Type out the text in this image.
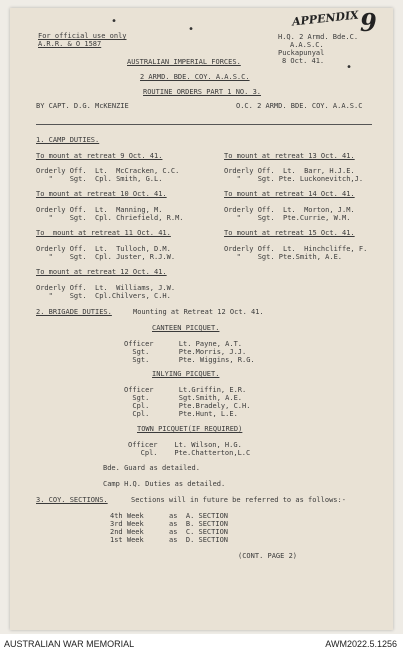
For official use only
A.R.R. & O 1587
APPENDIX 9
H.Q. 2 Armd. Bde.C.
A.A.S.C.
Puckapunyal
8 Oct. 41.
AUSTRALIAN IMPERIAL FORCES.
2 ARMD. BDE. COY. A.A.S.C.
ROUTINE ORDERS PART 1 NO. 3.
BY CAPT. D.G. McKENZIE	O.C. 2 ARMD. BDE. COY. A.A.S.C
1. CAMP DUTIES.
To mount at retreat 9 Oct. 41.
Orderly Off.  Lt.  McCracken, C.C.
"    Sgt.  Cpl. Smith, G.L.
To mount at retreat 10 Oct. 41.
Orderly Off.  Lt.  Manning, M.
"    Sgt.  Cpl. Chriefield, R.M.
To  mount at retreat 11 Oct. 41.
Orderly Off.  Lt.  Tulloch, D.M.
"    Sgt.  Cpl. Juster, R.J.W.
To mount at retreat 12 Oct. 41.
Orderly Off.  Lt.  Williams, J.W.
"    Sgt.  Cpl.Chilvers, C.H.
To mount at retreat 13 Oct. 41.
Orderly Off.  Lt.  Barr, H.J.E.
"    Sgt. Pte. Luckonevitch,J.
To mount at retreat 14 Oct. 41.
Orderly Off.  Lt.  Morton, J.M.
"    Sgt.  Pte.Currie, W.M.
To mount at retreat 15 Oct. 41.
Orderly Off.  Lt.  Hinchcliffe, F.
"    Sgt. Pte.Smith, A.E.
2. BRIGADE DUTIES.	Mounting at Retreat 12 Oct. 41.
CANTEEN PICQUET.
Officer      Lt. Payne, A.T.
Sgt.       Pte.Morris, J.J.
Sgt.       Pte. Wiggins, R.G.
INLYING PICQUET.
Officer      Lt.Griffin, E.R.
Sgt.       Sgt.Smith, A.E.
Cpl.       Pte.Bradely, C.H.
Cpl.       Pte.Hunt, L.E.
TOWN PICQUET(IF REQUIRED)
Officer    Lt. Wilson, H.G.
Cpl.    Pte.Chatterton,L.C
Bde. Guard as detailed.
Camp H.Q. Duties as detailed.
3. COY. SECTIONS.	Sections will in future be referred to as follows:-
4th Week      as  A. SECTION
3rd Week      as  B. SECTION
2nd Week      as  C. SECTION
1st Week      as  D. SECTION
(CONT. PAGE 2)
•
•
•
AUSTRALIAN WAR MEMORIAL	AWM2022.5.1256
